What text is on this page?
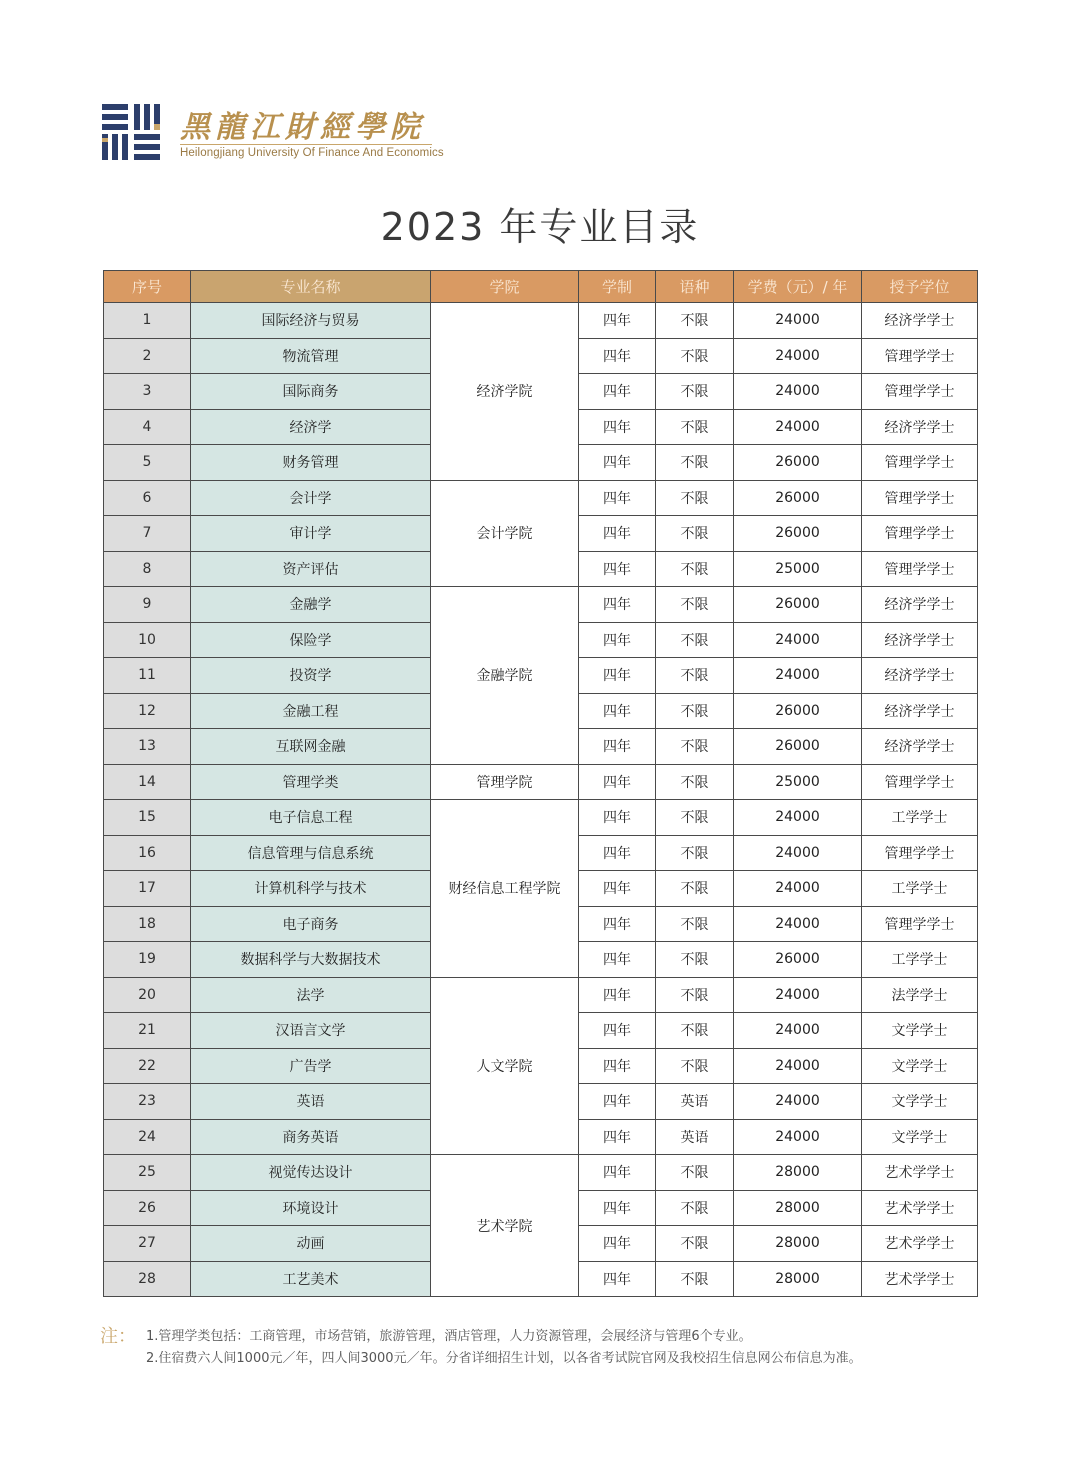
黑龍江財經學院
Heilongjiang University Of Finance And Economics
2023 年专业目录
序号	专业名称	学院	学制	语种	学费（元）/ 年	授予学位
1	国际经济与贸易	经济学院	四年	不限	24000	经济学学士
2	物流管理		四年	不限	24000	管理学学士
3	国际商务		四年	不限	24000	管理学学士
4	经济学		四年	不限	24000	经济学学士
5	财务管理		四年	不限	26000	管理学学士
6	会计学	会计学院	四年	不限	26000	管理学学士
7	审计学		四年	不限	26000	管理学学士
8	资产评估		四年	不限	25000	管理学学士
9	金融学	金融学院	四年	不限	26000	经济学学士
10	保险学		四年	不限	24000	经济学学士
11	投资学		四年	不限	24000	经济学学士
12	金融工程		四年	不限	26000	经济学学士
13	互联网金融		四年	不限	26000	经济学学士
14	管理学类	管理学院	四年	不限	25000	管理学学士
15	电子信息工程	财经信息工程学院	四年	不限	24000	工学学士
16	信息管理与信息系统		四年	不限	24000	管理学学士
17	计算机科学与技术		四年	不限	24000	工学学士
18	电子商务		四年	不限	24000	管理学学士
19	数据科学与大数据技术		四年	不限	26000	工学学士
20	法学	人文学院	四年	不限	24000	法学学士
21	汉语言文学		四年	不限	24000	文学学士
22	广告学		四年	不限	24000	文学学士
23	英语		四年	英语	24000	文学学士
24	商务英语		四年	英语	24000	文学学士
25	视觉传达设计	艺术学院	四年	不限	28000	艺术学学士
26	环境设计		四年	不限	28000	艺术学学士
27	动画		四年	不限	28000	艺术学学士
28	工艺美术		四年	不限	28000	艺术学学士
注： 1.管理学类包括：工商管理，市场营销，旅游管理，酒店管理，人力资源管理，会展经济与管理6个专业。
2.住宿费六人间1000元／年，四人间3000元／年。分省详细招生计划，以各省考试院官网及我校招生信息网公布信息为准。
